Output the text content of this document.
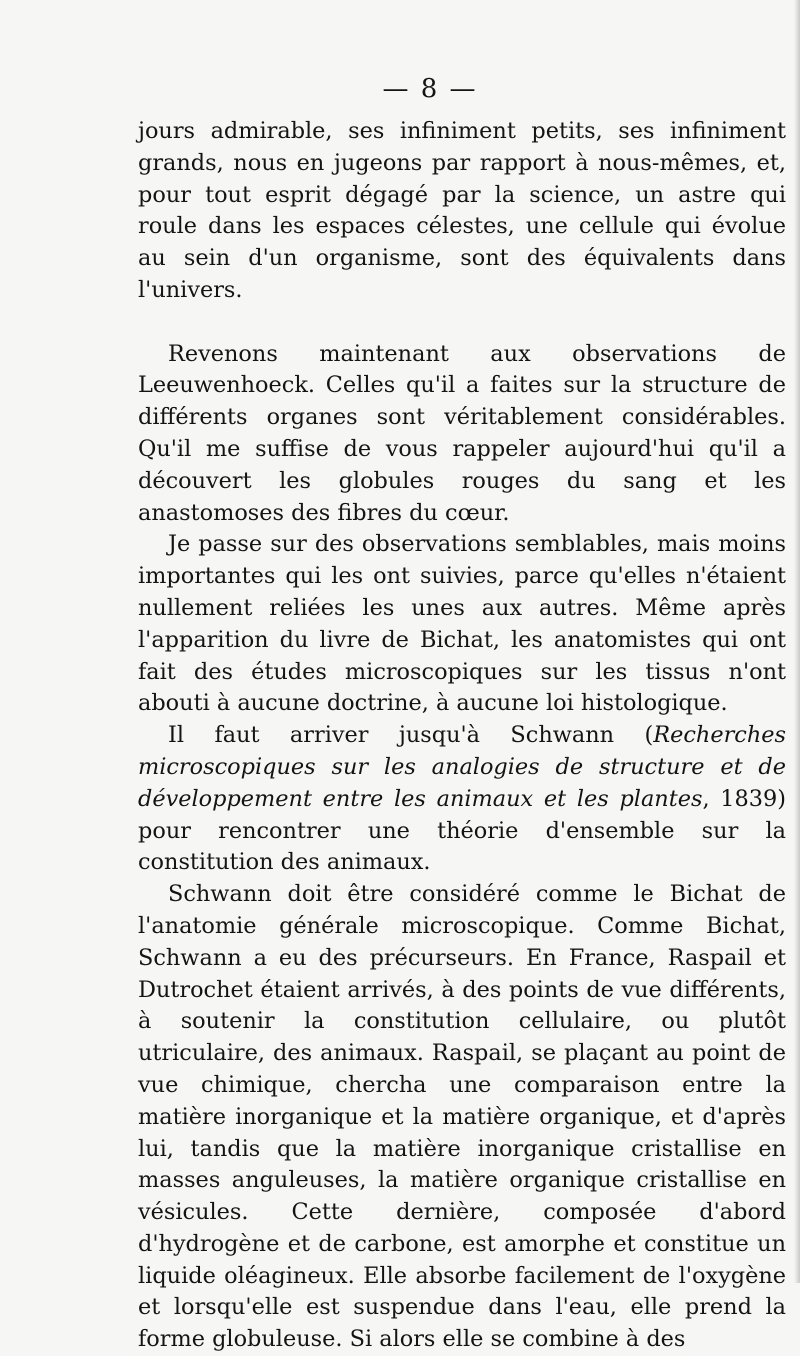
— 8 —

jours admirable, ses infiniment petits, ses infiniment grands, nous en jugeons par rapport à nous-mêmes, et, pour tout esprit dégagé par la science, un astre qui roule dans les espaces célestes, une cellule qui évolue au sein d'un organisme, sont des équivalents dans l'univers.

Revenons maintenant aux observations de Leeuwenhoeck. Celles qu'il a faites sur la structure de différents organes sont véritablement considérables. Qu'il me suffise de vous rappeler aujourd'hui qu'il a découvert les globules rouges du sang et les anastomoses des fibres du cœur.

Je passe sur des observations semblables, mais moins importantes qui les ont suivies, parce qu'elles n'étaient nullement reliées les unes aux autres. Même après l'apparition du livre de Bichat, les anatomistes qui ont fait des études microscopiques sur les tissus n'ont abouti à aucune doctrine, à aucune loi histologique.

Il faut arriver jusqu'à Schwann (Recherches microscopiques sur les analogies de structure et de développement entre les animaux et les plantes, 1839) pour rencontrer une théorie d'ensemble sur la constitution des animaux.

Schwann doit être considéré comme le Bichat de l'anatomie générale microscopique. Comme Bichat, Schwann a eu des précurseurs. En France, Raspail et Dutrochet étaient arrivés, à des points de vue différents, à soutenir la constitution cellulaire, ou plutôt utriculaire, des animaux. Raspail, se plaçant au point de vue chimique, chercha une comparaison entre la matière inorganique et la matière organique, et d'après lui, tandis que la matière inorganique cristallise en masses anguleuses, la matière organique cristallise en vésicules. Cette dernière, composée d'abord d'hydrogène et de carbone, est amorphe et constitue un liquide oléagineux. Elle absorbe facilement de l'oxygène et lorsqu'elle est suspendue dans l'eau, elle prend la forme globuleuse. Si alors elle se combine à des
